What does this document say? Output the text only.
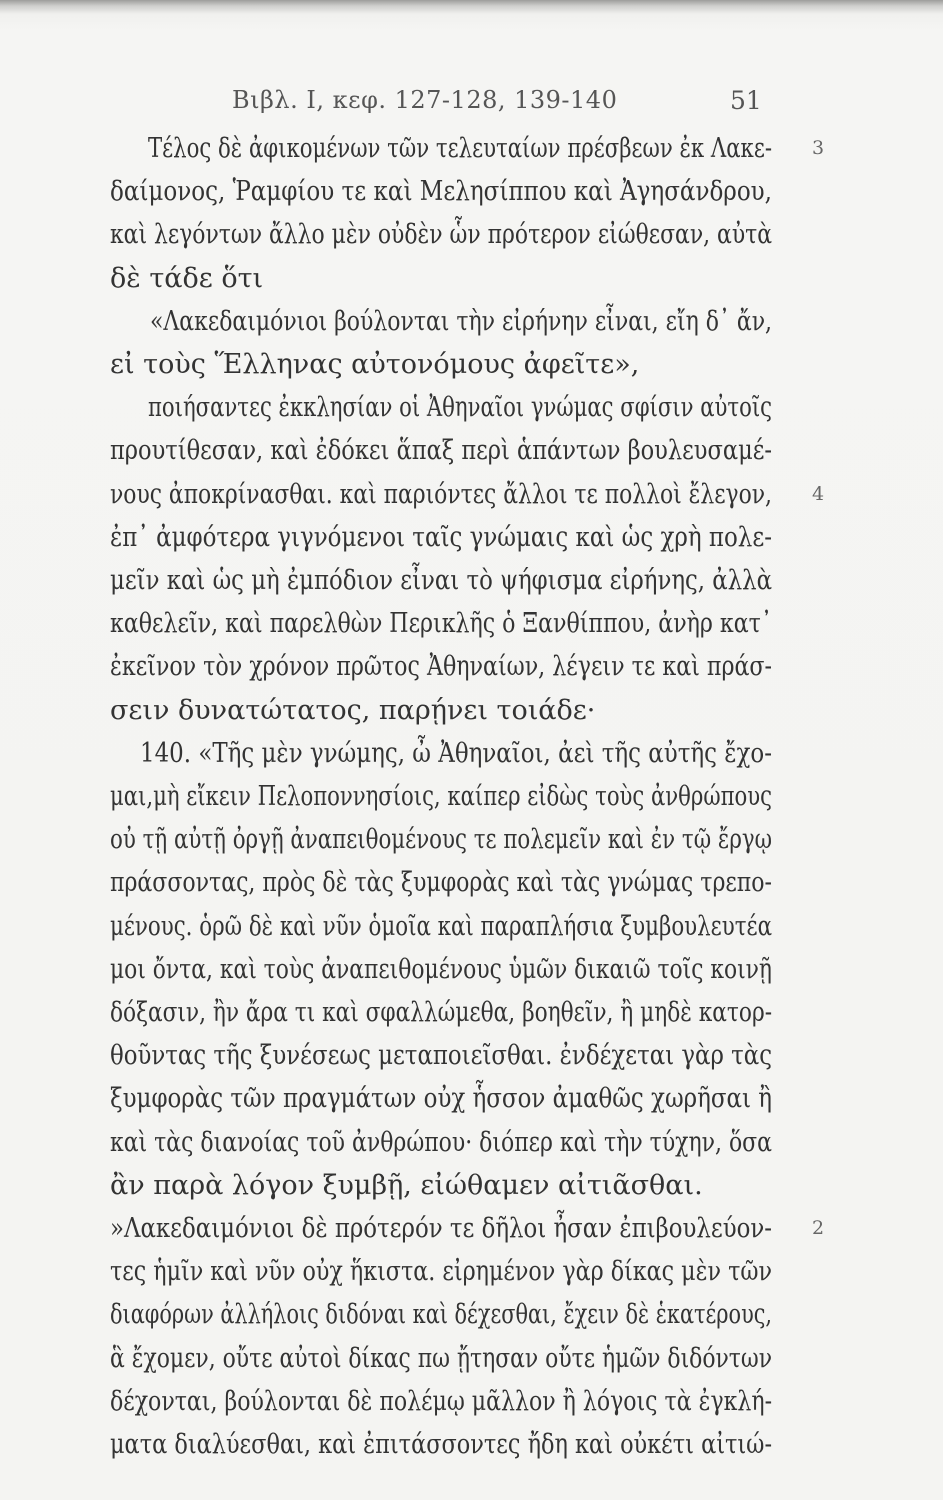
Βιβλ. Ι, κεφ. 127-128, 139-140	51
Τέλος δὲ ἀφικομένων τῶν τελευταίων πρέσβεων ἐκ Λακε-	3
δαίμονος, Ῥαμφίου τε καὶ Μελησίππου καὶ Ἀγησάνδρου,
καὶ λεγόντων ἄλλο μὲν οὐδὲν ὧν πρότερον εἰώθεσαν, αὐτὰ
δὲ τάδε ὅτι
«Λακεδαιμόνιοι βούλονται τὴν εἰρήνην εἶναι, εἴη δ᾽ ἄν,
εἰ τοὺς Ἕλληνας αὐτονόμους ἀφεῖτε»,
ποιήσαντες ἐκκλησίαν οἱ Ἀθηναῖοι γνώμας σφίσιν αὐτοῖς
προυτίθεσαν, καὶ ἐδόκει ἅπαξ περὶ ἁπάντων βουλευσαμέ-
νους ἀποκρίνασθαι. καὶ παριόντες ἄλλοι τε πολλοὶ ἔλεγον,	4
ἐπ᾽ ἀμφότερα γιγνόμενοι ταῖς γνώμαις καὶ ὡς χρὴ πολε-
μεῖν καὶ ὡς μὴ ἐμπόδιον εἶναι τὸ ψήφισμα εἰρήνης, ἀλλὰ
καθελεῖν, καὶ παρελθὼν Περικλῆς ὁ Ξανθίππου, ἀνὴρ κατ᾽
ἐκεῖνον τὸν χρόνον πρῶτος Ἀθηναίων, λέγειν τε καὶ πράσ-
σειν δυνατώτατος, παρῄνει τοιάδε·
140. «Τῆς μὲν γνώμης, ὦ Ἀθηναῖοι, ἀεὶ τῆς αὐτῆς ἔχο-
μαι,μὴ εἴκειν Πελοποννησίοις, καίπερ εἰδὼς τοὺς ἀνθρώπους
οὐ τῇ αὐτῇ ὀργῇ ἀναπειθομένους τε πολεμεῖν καὶ ἐν τῷ ἔργῳ
πράσσοντας, πρὸς δὲ τὰς ξυμφορὰς καὶ τὰς γνώμας τρεπο-
μένους. ὁρῶ δὲ καὶ νῦν ὁμοῖα καὶ παραπλήσια ξυμβουλευτέα
μοι ὄντα, καὶ τοὺς ἀναπειθομένους ὑμῶν δικαιῶ τοῖς κοινῇ
δόξασιν, ἢν ἄρα τι καὶ σφαλλώμεθα, βοηθεῖν, ἢ μηδὲ κατορ-
θοῦντας τῆς ξυνέσεως μεταποιεῖσθαι. ἐνδέχεται γὰρ τὰς
ξυμφορὰς τῶν πραγμάτων οὐχ ἧσσον ἀμαθῶς χωρῆσαι ἢ
καὶ τὰς διανοίας τοῦ ἀνθρώπου· διόπερ καὶ τὴν τύχην, ὅσα
ἂν παρὰ λόγον ξυμβῇ, εἰώθαμεν αἰτιᾶσθαι.
»Λακεδαιμόνιοι δὲ πρότερόν τε δῆλοι ἦσαν ἐπιβουλεύον-	2
τες ἡμῖν καὶ νῦν οὐχ ἥκιστα. εἰρημένον γὰρ δίκας μὲν τῶν
διαφόρων ἀλλήλοις διδόναι καὶ δέχεσθαι, ἔχειν δὲ ἑκατέρους,
ἃ ἔχομεν, οὔτε αὐτοὶ δίκας πω ᾔτησαν οὔτε ἡμῶν διδόντων
δέχονται, βούλονται δὲ πολέμῳ μᾶλλον ἢ λόγοις τὰ ἐγκλή-
ματα διαλύεσθαι, καὶ ἐπιτάσσοντες ἤδη καὶ οὐκέτι αἰτιώ-
